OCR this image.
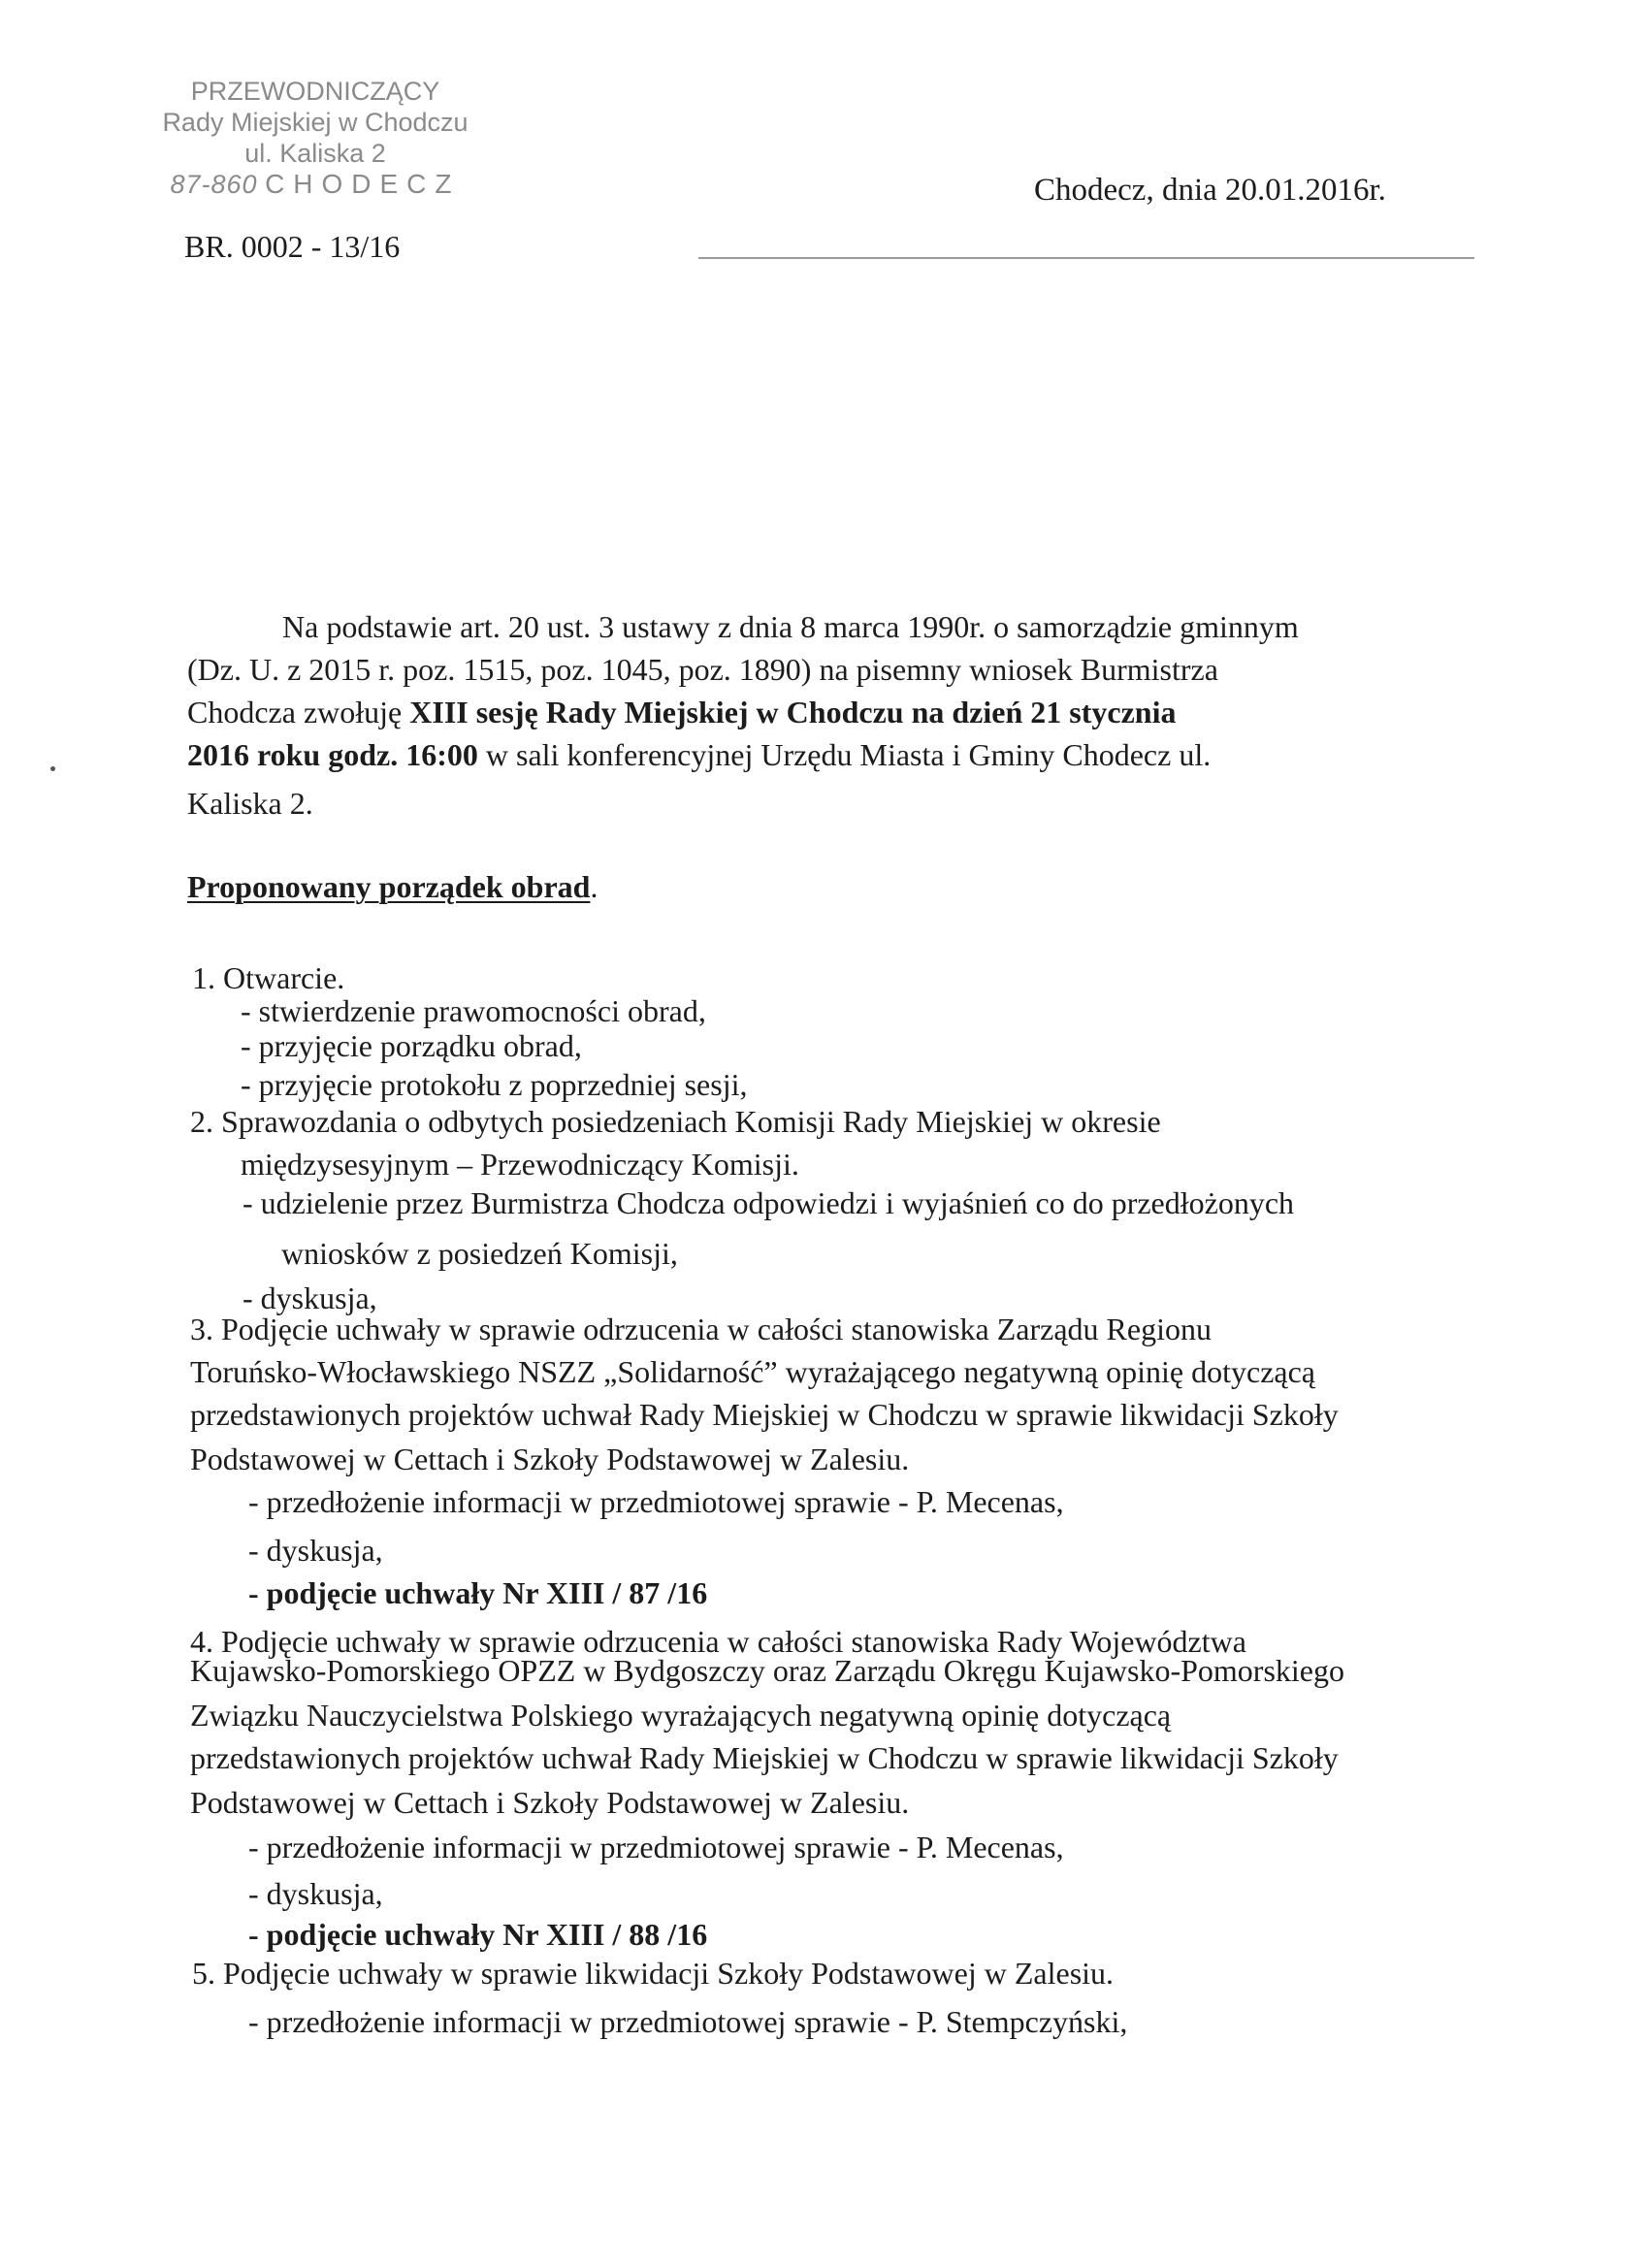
PRZEWODNICZĄCY
Rady Miejskiej w Chodczu
ul. Kaliska 2
87-860 CHODECZ	Chodecz, dnia 20.01.2016r.
BR. 0002 - 13/16
Na podstawie art. 20 ust. 3 ustawy z dnia 8 marca 1990r. o samorządzie gminnym
(Dz. U. z 2015 r. poz. 1515, poz. 1045, poz. 1890) na pisemny wniosek Burmistrza
Chodcza zwołuję XIII sesję Rady Miejskiej w Chodczu na dzień 21 stycznia
2016 roku godz. 16:00 w sali konferencyjnej Urzędu Miasta i Gminy Chodecz ul.
Kaliska 2.
Proponowany porządek obrad.
1. Otwarcie.
- stwierdzenie prawomocności obrad,
- przyjęcie porządku obrad,
- przyjęcie protokołu z poprzedniej sesji,
2. Sprawozdania o odbytych posiedzeniach Komisji Rady Miejskiej w okresie
międzysesyjnym – Przewodniczący Komisji.
- udzielenie przez Burmistrza Chodcza odpowiedzi i wyjaśnień co do przedłożonych
wniosków z posiedzeń Komisji,
- dyskusja,
3. Podjęcie uchwały w sprawie odrzucenia w całości stanowiska Zarządu Regionu
Toruńsko-Włocławskiego NSZZ „Solidarność” wyrażającego negatywną opinię dotyczącą
przedstawionych projektów uchwał Rady Miejskiej w Chodczu w sprawie likwidacji Szkoły
Podstawowej w Cettach i Szkoły Podstawowej w Zalesiu.
- przedłożenie informacji w przedmiotowej sprawie - P. Mecenas,
- dyskusja,
- podjęcie uchwały Nr XIII / 87 /16
4. Podjęcie uchwały w sprawie odrzucenia w całości stanowiska Rady Województwa
Kujawsko-Pomorskiego OPZZ w Bydgoszczy oraz Zarządu Okręgu Kujawsko-Pomorskiego
Związku Nauczycielstwa Polskiego wyrażających negatywną opinię dotyczącą
przedstawionych projektów uchwał Rady Miejskiej w Chodczu w sprawie likwidacji Szkoły
Podstawowej w Cettach i Szkoły Podstawowej w Zalesiu.
- przedłożenie informacji w przedmiotowej sprawie - P. Mecenas,
- dyskusja,
- podjęcie uchwały Nr XIII / 88 /16
5. Podjęcie uchwały w sprawie likwidacji Szkoły Podstawowej w Zalesiu.
- przedłożenie informacji w przedmiotowej sprawie - P. Stempczyński,
